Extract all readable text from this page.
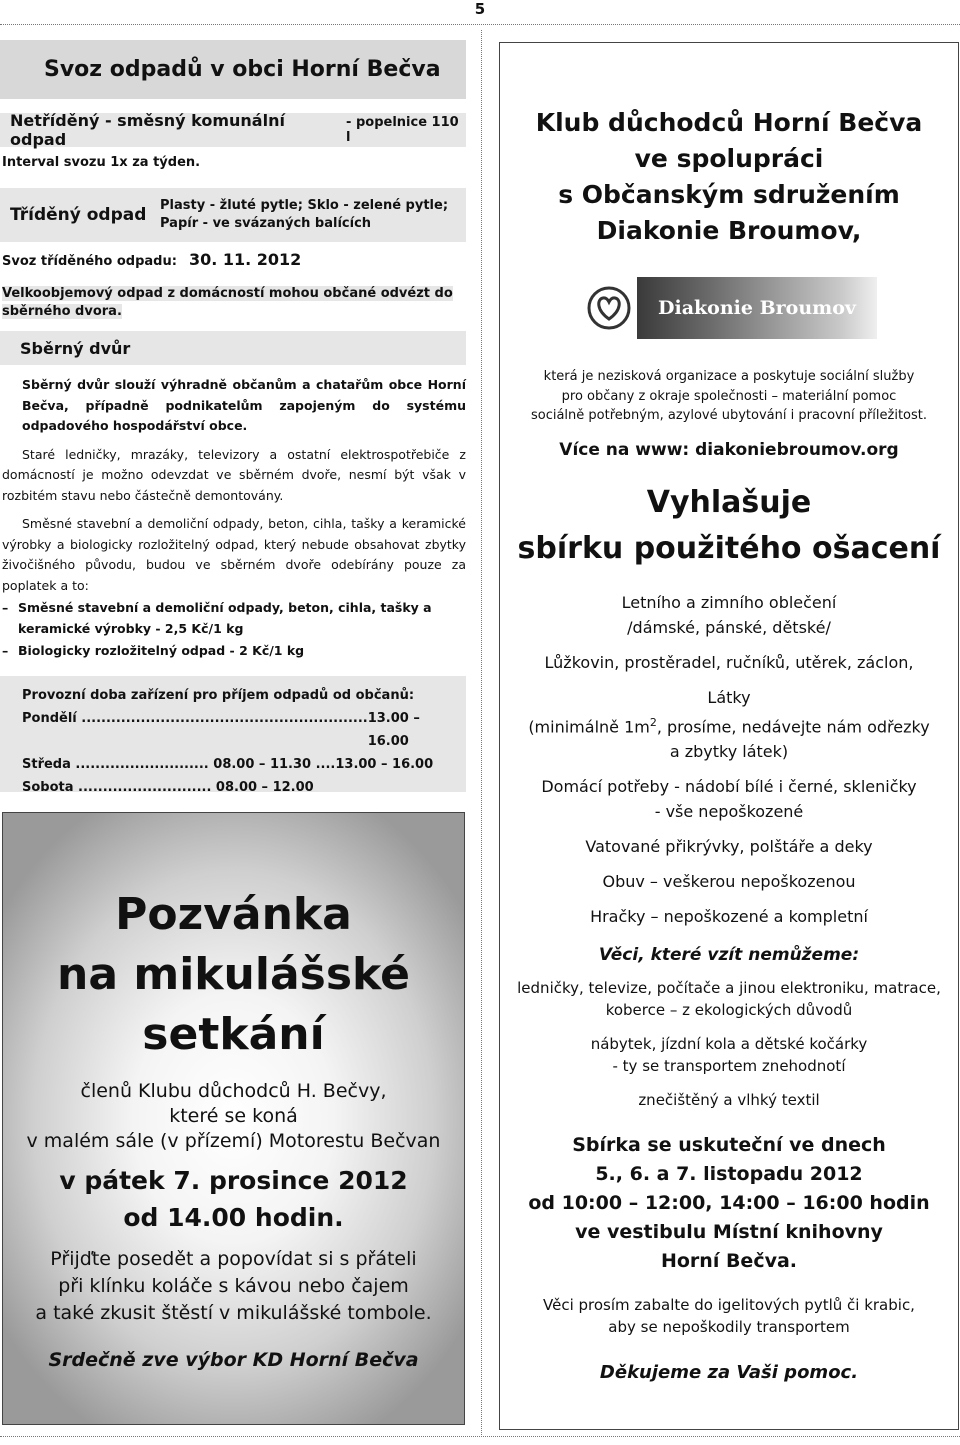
5
Svoz odpadů v obci Horní Bečva
Netříděný - směsný komunální odpad
- popelnice 110 l
Interval svozu 1x za týden.
Tříděný odpad	Plasty - žluté pytle; Sklo - zelené pytle;
Papír - ve svázaných balících
Svoz tříděného odpadu: 30. 11. 2012
Velkoobjemový odpad z domácností mohou občané odvézt do sběrného dvora.
Sběrný dvůr
Sběrný dvůr slouží výhradně občanům a chatařům obce Horní Bečva, případně podnikatelům zapojeným do systému odpadového hospodářství obce.
Staré ledničky, mrazáky, televizory a ostatní elektrospotřebiče z domácností je možno odevzdat ve sběrném dvoře, nesmí být však v rozbitém stavu nebo částečně demontovány.
Směsné stavební a demoliční odpady, beton, cihla, tašky a keramické výrobky a biologicky rozložitelný odpad, který nebude obsahovat zbytky živočišného původu, budou ve sběrném dvoře odebírány pouze za poplatek a to:
– Směsné stavební a demoliční odpady, beton, cihla, tašky a keramické výrobky - 2,5 Kč/1 kg
– Biologicky rozložitelný odpad - 2 Kč/1 kg
Provozní doba zařízení pro příjem odpadů od občanů:
Pondělí .......................................................... 13.00 – 16.00
Středa ........................... 08.00 – 11.30 .... 13.00 – 16.00
Sobota ........................... 08.00 – 12.00
Pozvánka
na mikulášské
setkání
členů Klubu důchodců H. Bečvy,
které se koná
v malém sále (v přízemí) Motorestu Bečvan
v pátek 7. prosince 2012
od 14.00 hodin.
Přijďte posedět a popovídat si s přáteli
při klínku koláče s kávou nebo čajem
a také zkusit štěstí v mikulášské tombole.
Srdečně zve výbor KD Horní Bečva
Klub důchodců Horní Bečva
ve spolupráci
s Občanským sdružením
Diakonie Broumov,
Diakonie Broumov
která je nezisková organizace a poskytuje sociální služby
pro občany z okraje společnosti – materiální pomoc
sociálně potřebným, azylové ubytování i pracovní příležitost.
Více na www: diakoniebroumov.org
Vyhlašuje
sbírku použitého ošacení
Letního a zimního oblečení
/dámské, pánské, dětské/
Lůžkovin, prostěradel, ručníků, utěrek, záclon,
Látky
(minimálně $1m^2$, prosíme, nedávejte nám odřezky
a zbytky látek)
Domácí potřeby - nádobí bílé i černé, skleničky
- vše nepoškozené
Vatované přikrývky, polštáře a deky
Obuv – veškerou nepoškozenou
Hračky – nepoškozené a kompletní
Věci, které vzít nemůžeme:
ledničky, televize, počítače a jinou elektroniku, matrace,
koberce – z ekologických důvodů
nábytek, jízdní kola a dětské kočárky
- ty se transportem znehodnotí
znečištěný a vlhký textil
Sbírka se uskuteční ve dnech
5., 6. a 7. listopadu 2012
od 10:00 – 12:00, 14:00 – 16:00 hodin
ve vestibulu Místní knihovny
Horní Bečva.
Věci prosím zabalte do igelitových pytlů či krabic,
aby se nepoškodily transportem
Děkujeme za Vaši pomoc.
